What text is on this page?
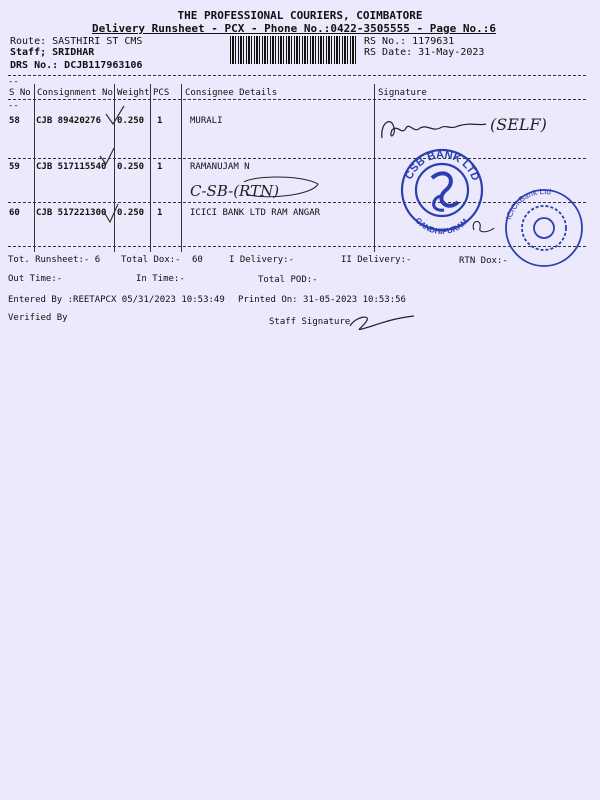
THE PROFESSIONAL COURIERS, COIMBATORE
Delivery Runsheet - PCX - Phone No.:0422-3505555 - Page No.:6
Route: SASTHIRI ST CMS
Staff; SRIDHAR
DRS No.: DCJB117963106
RS No.: 1179631
RS Date: 31-May-2023
--
--
S No Consignment No Weight PCS Consignee Details	Signature
58 CJB 89420276 0.250 1	MURALI
59 CJB 517115540 0.250 1	RAMANUJAM N
60 CJB 517221300 0.250 1	ICICI BANK LTD RAM ANGAR
Tot. Runsheet:- 6 Total Dox:- 60	I Delivery:-	II Delivery:-	RTN Dox:-
Out Time:-	In Time:-	Total POD:-
Entered By :REETAPCX 05/31/2023 10:53:49 Printed On: 31-05-2023 10:53:56
Verified By	Staff Signature
(SELF)
C-SB-(RTN)
CSB BANK LTD
GANDHIPURAM	ICICI Bank Ltd
